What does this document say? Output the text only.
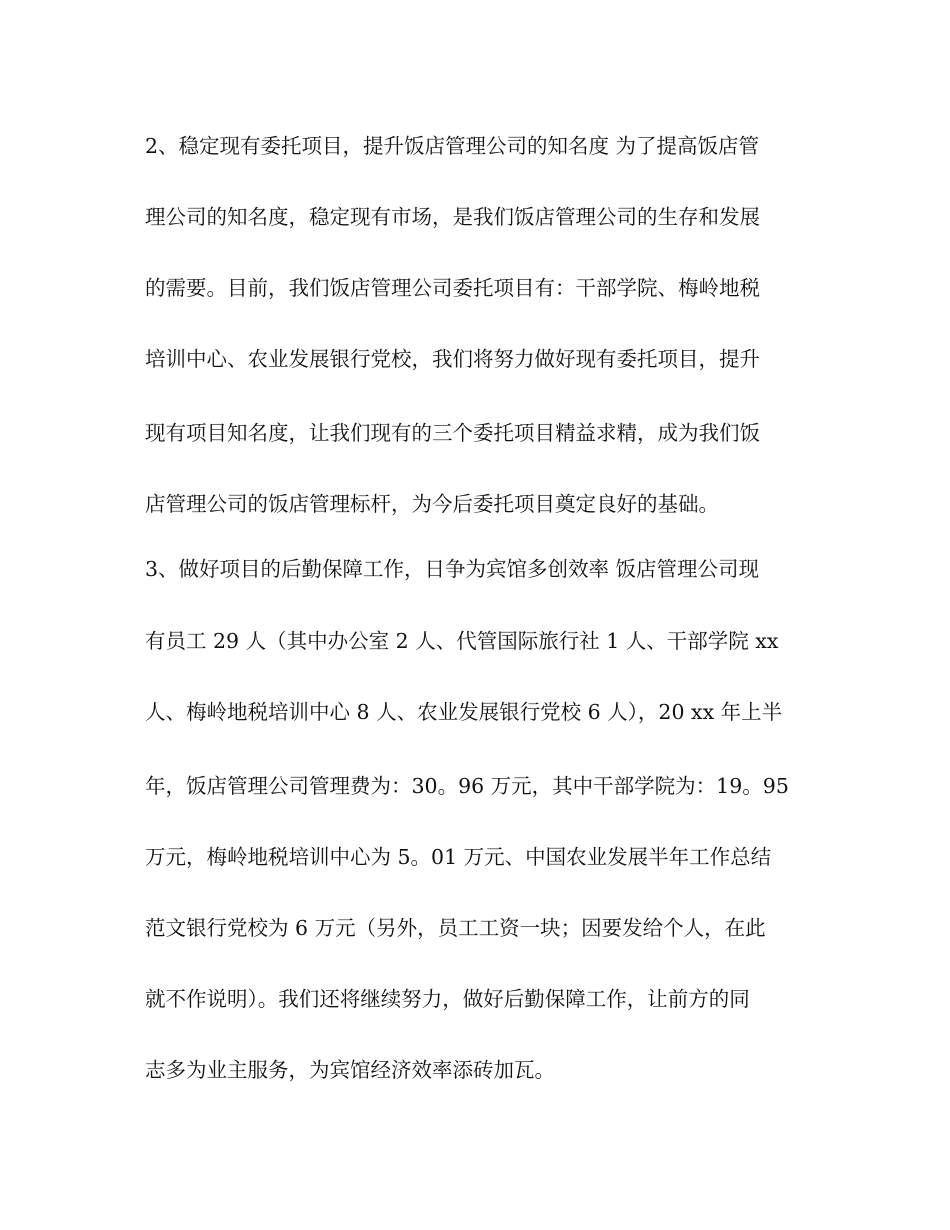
2、稳定现有委托项目，提升饭店管理公司的知名度 为了提高饭店管
理公司的知名度，稳定现有市场，是我们饭店管理公司的生存和发展
的需要。目前，我们饭店管理公司委托项目有：干部学院、梅岭地税
培训中心、农业发展银行党校，我们将努力做好现有委托项目，提升
现有项目知名度，让我们现有的三个委托项目精益求精，成为我们饭
店管理公司的饭店管理标杆，为今后委托项目奠定良好的基础。
3、做好项目的后勤保障工作，日争为宾馆多创效率 饭店管理公司现
有员工 29 人（其中办公室 2 人、代管国际旅行社 1 人、干部学院 xx
人、梅岭地税培训中心 8 人、农业发展银行党校 6 人），20 xx 年上半
年，饭店管理公司管理费为：30。96 万元，其中干部学院为：19。95
万元，梅岭地税培训中心为 5。01 万元、中国农业发展半年工作总结
范文银行党校为 6 万元（另外，员工工资一块；因要发给个人，在此
就不作说明）。我们还将继续努力，做好后勤保障工作，让前方的同
志多为业主服务，为宾馆经济效率添砖加瓦。
